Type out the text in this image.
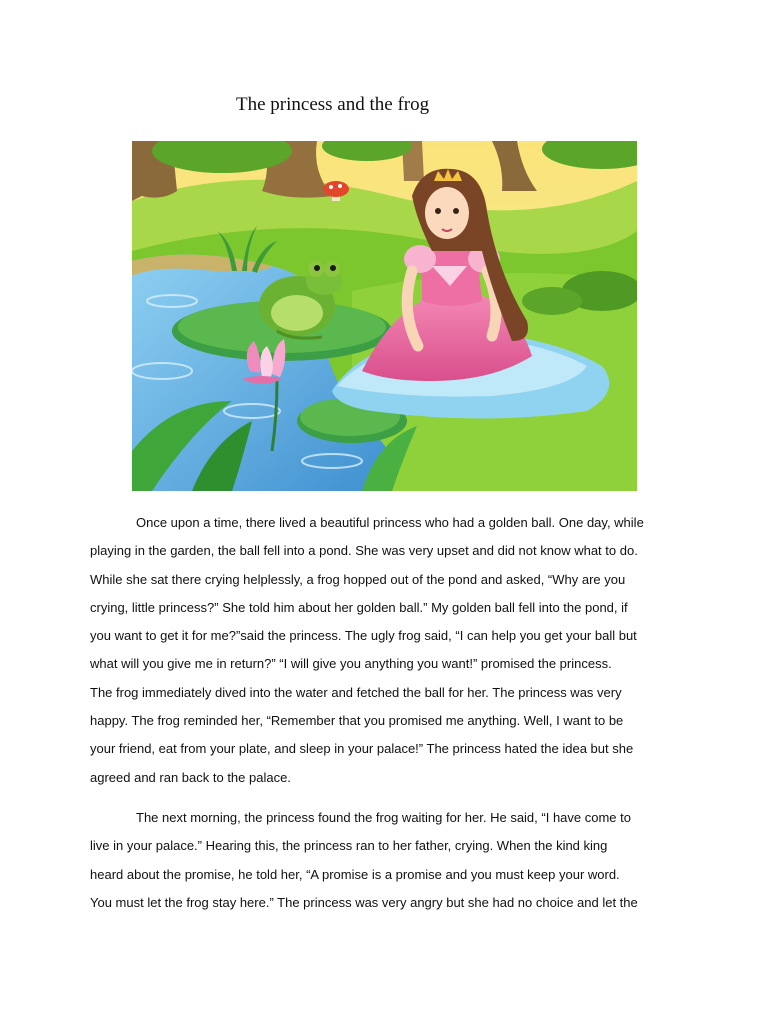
The princess and the frog
Once upon a time, there lived a beautiful princess who had a golden ball. One day, while
playing in the garden, the ball fell into a pond. She was very upset and did not know what to do.
While she sat there crying helplessly, a frog hopped out of the pond and asked, “Why are you
crying, little princess?” She told him about her golden ball.” My golden ball fell into the pond, if
you want to get it for me?”said the princess. The ugly frog said, “I can help you get your ball but
what will you give me in return?” “I will give you anything you want!” promised the princess.
The frog immediately dived into the water and fetched the ball for her. The princess was very
happy. The frog reminded her, “Remember that you promised me anything. Well, I want to be
your friend, eat from your plate, and sleep in your palace!” The princess hated the idea but she
agreed and ran back to the palace.
The next morning, the princess found the frog waiting for her. He said, “I have come to
live in your palace.” Hearing this, the princess ran to her father, crying. When the kind king
heard about the promise, he told her, “A promise is a promise and you must keep your word.
You must let the frog stay here.” The princess was very angry but she had no choice and let the
